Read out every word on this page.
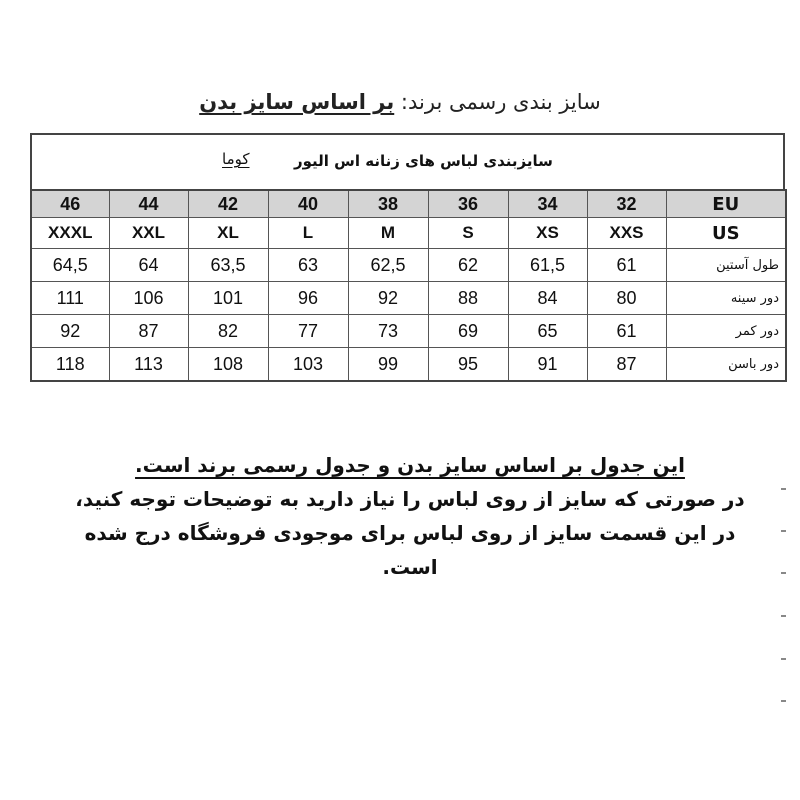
سایز بندی رسمی برند: بر اساس سایز بدن
کوما	سایزبندی لباس های زنانه اس الیور
46	44	42	40	38	36	34	32	EU
XXXL	XXL	XL	L	M	S	XS	XXS	US
64,5	64	63,5	63	62,5	62	61,5	61	طول آستین
111	106	101	96	92	88	84	80	دور سینه
92	87	82	77	73	69	65	61	دور کمر
118	113	108	103	99	95	91	87	دور باسن
این جدول بر اساس سایز بدن و جدول رسمی برند است.
در صورتی که سایز از روی لباس را نیاز دارید به توضیحات توجه کنید،
در این قسمت سایز از روی لباس برای موجودی فروشگاه درج شده
است.
